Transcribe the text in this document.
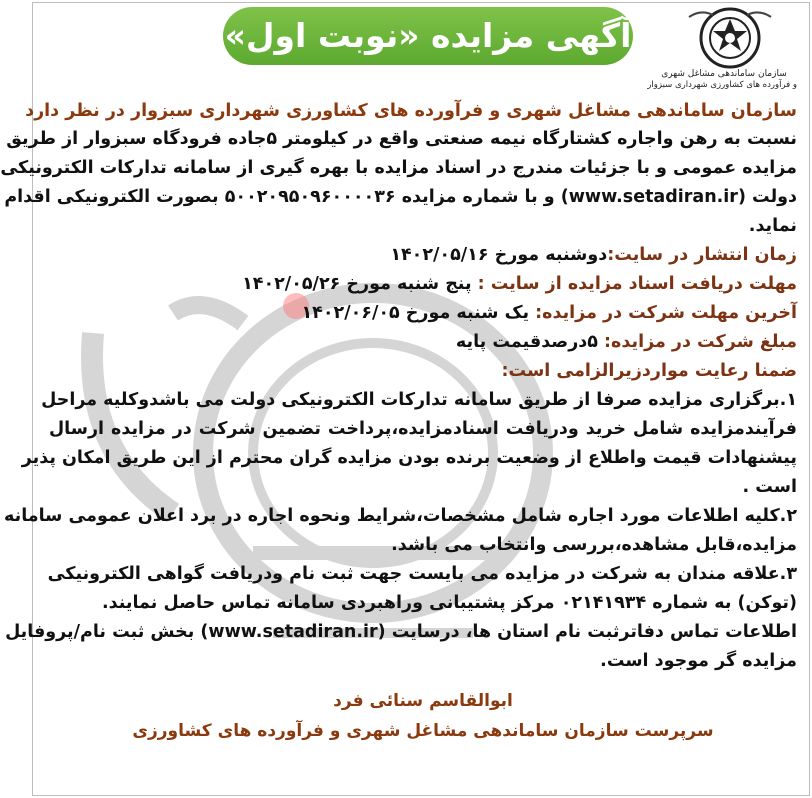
آگهی مزایده «نوبت اول»
سازمان ساماندهی مشاغل شهری
و فرآورده های کشاورزی شهرداری سبزوار
سازمان ساماندهی مشاغل شهری و فرآورده های کشاورزی شهرداری سبزوار در نظر دارد
نسبت به رهن واجاره کشتارگاه نیمه صنعتی واقع در کیلومتر ۵جاده فرودگاه سبزوار از طریق
مزایده عمومی و با جزئیات مندرج در اسناد مزایده با بهره گیری از سامانه تدارکات الکترونیکی
دولت (www.setadiran.ir) و با شماره مزایده ۵۰۰۲۰۹۵۰۹۶۰۰۰۰۳۶ بصورت الکترونیکی اقدام
نماید.
زمان انتشار در سایت:دوشنبه مورخ ۱۴۰۲/۰۵/۱۶
مهلت دریافت اسناد مزایده از سایت : پنج شنبه مورخ ۱۴۰۲/۰۵/۲۶
آخرین مهلت شرکت در مزایده: یک شنبه مورخ ۱۴۰۲/۰۶/۰۵
مبلغ شرکت در مزایده: ۵درصدقیمت پایه
ضمنا رعایت مواردزیرالزامی است:
۱.برگزاری مزایده صرفا از طریق سامانه تدارکات الکترونیکی دولت می باشدوکلیه مراحل
فرآیندمزایده شامل خرید ودریافت اسنادمزایده،پرداخت تضمین شرکت در مزایده ارسال
پیشنهادات قیمت واطلاع از وضعیت برنده بودن مزایده گران محترم از این طریق امکان پذیر
است .
۲.کلیه اطلاعات مورد اجاره شامل مشخصات،شرایط ونحوه اجاره در برد اعلان عمومی سامانه
مزایده،قابل مشاهده،بررسی وانتخاب می باشد.
۳.علاقه مندان به شرکت در مزایده می بایست جهت ثبت نام ودریافت گواهی الکترونیکی
(توکن) به شماره ۰۲۱۴۱۹۳۴ مرکز پشتیبانی وراهبردی سامانه تماس حاصل نمایند.
اطلاعات تماس دفاترثبت نام استان ها، درسایت (www.setadiran.ir) بخش ثبت نام/پروفایل
مزایده گر موجود است.
ابوالقاسم سنائی فرد
سرپرست سازمان ساماندهی مشاغل شهری و فرآورده های کشاورزی
